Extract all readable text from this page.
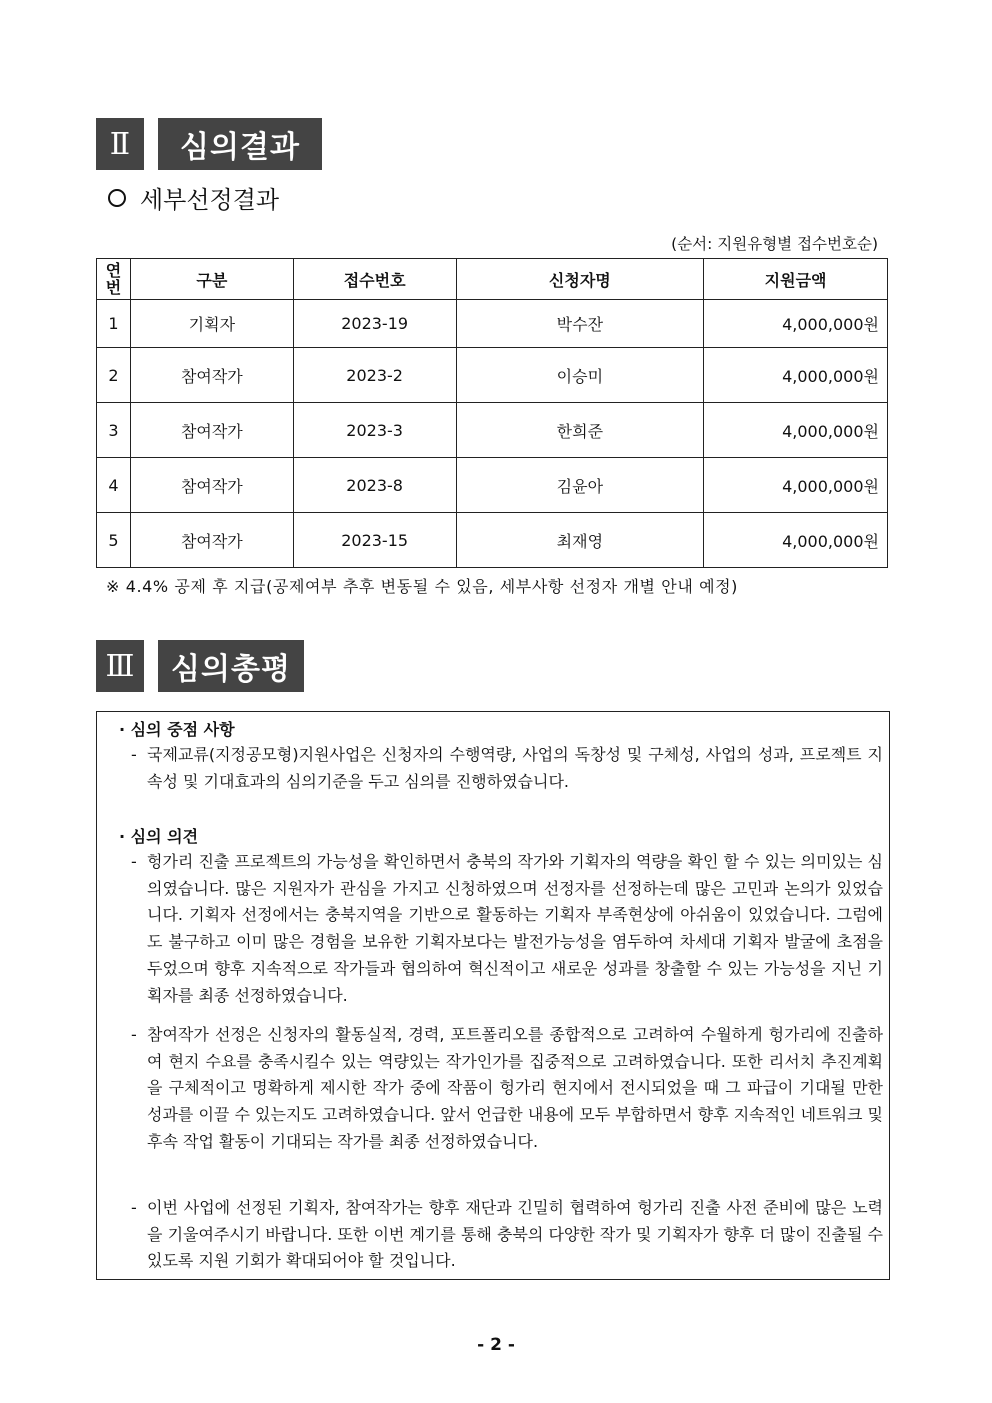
Ⅱ	심의결과
세부선정결과
(순서: 지원유형별 접수번호순)
연번	구분	접수번호	신청자명	지원금액
1	기획자	2023-19	박수잔	4,000,000원
2	참여작가	2023-2	이승미	4,000,000원
3	참여작가	2023-3	한희준	4,000,000원
4	참여작가	2023-8	김윤아	4,000,000원
5	참여작가	2023-15	최재영	4,000,000원
※ 4.4% 공제 후 지급(공제여부 추후 변동될 수 있음, 세부사항 선정자 개별 안내 예정)
Ⅲ	심의총평
· 심의 중점 사항
- 국제교류(지정공모형)지원사업은 신청자의 수행역량, 사업의 독창성 및 구체성, 사업의 성과, 프로젝트 지속성 및 기대효과의 심의기준을 두고 심의를 진행하였습니다.
· 심의 의견
- 헝가리 진출 프로젝트의 가능성을 확인하면서 충북의 작가와 기획자의 역량을 확인 할 수 있는 의미있는 심의였습니다. 많은 지원자가 관심을 가지고 신청하였으며 선정자를 선정하는데 많은 고민과 논의가 있었습니다. 기획자 선정에서는 충북지역을 기반으로 활동하는 기획자 부족현상에 아쉬움이 있었습니다. 그럼에도 불구하고 이미 많은 경험을 보유한 기획자보다는 발전가능성을 염두하여 차세대 기획자 발굴에 초점을 두었으며 향후 지속적으로 작가들과 협의하여 혁신적이고 새로운 성과를 창출할 수 있는 가능성을 지닌 기획자를 최종 선정하였습니다.
- 참여작가 선정은 신청자의 활동실적, 경력, 포트폴리오를 종합적으로 고려하여 수월하게 헝가리에 진출하여 현지 수요를 충족시킬수 있는 역량있는 작가인가를 집중적으로 고려하였습니다. 또한 리서치 추진계획을 구체적이고 명확하게 제시한 작가 중에 작품이 헝가리 현지에서 전시되었을 때 그 파급이 기대될 만한 성과를 이끌 수 있는지도 고려하였습니다. 앞서 언급한 내용에 모두 부합하면서 향후 지속적인 네트워크 및 후속 작업 활동이 기대되는 작가를 최종 선정하였습니다.
- 이번 사업에 선정된 기획자, 참여작가는 향후 재단과 긴밀히 협력하여 헝가리 진출 사전 준비에 많은 노력을 기울여주시기 바랍니다. 또한 이번 계기를 통해 충북의 다양한 작가 및 기획자가 향후 더 많이 진출될 수 있도록 지원 기회가 확대되어야 할 것입니다.
- 2 -
